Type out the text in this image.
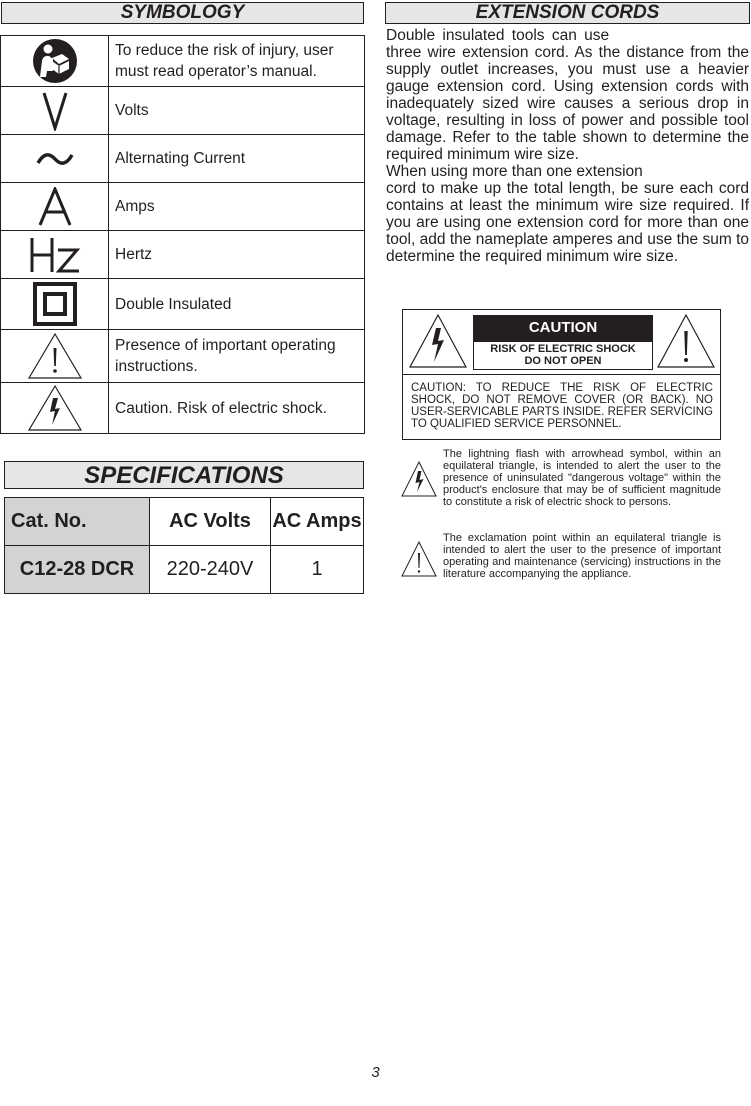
SYMBOLOGY
To reduce the risk of injury, user must read operator’s manual.
Volts
Alternating Current
Amps
Hertz
Double Insulated
Presence of important operating instructions.
Caution. Risk of electric shock.
SPECIFICATIONS
Cat. No.	AC Volts	AC Amps
C12-28 DCR	220-240V	1
EXTENSION CORDS

Double insulated tools can use

three wire extension cord. As the distance from the supply outlet increases, you must use a heavier gauge extension cord. Using extension cords with inadequately sized wire causes a serious drop in voltage, resulting in loss of power and possible tool damage. Refer to the table shown to determine the required minimum wire size.

When using more than one extension

cord to make up the total length, be sure each cord contains at least the minimum wire size required. If you are using one extension cord for more than one tool, add the nameplate amperes and use the sum to determine the required minimum wire size.

CAUTION
RISK OF ELECTRIC SHOCK
DO NOT OPEN
CAUTION: TO REDUCE THE RISK OF ELECTRIC SHOCK, DO NOT REMOVE COVER (OR BACK). NO USER-SERVICABLE PARTS INSIDE. REFER SERVICING TO QUALIFIED SERVICE PERSONNEL.
The lightning flash with arrowhead symbol, within an equilateral triangle, is intended to alert the user to the presence of uninsulated "dangerous voltage" within the product's enclosure that may be of sufficient magnitude to constitute a risk of electric shock to persons.
The exclamation point within an equilateral triangle is intended to alert the user to the presence of important operating and maintenance (servicing) instructions in the literature accompanying the appliance.
3
